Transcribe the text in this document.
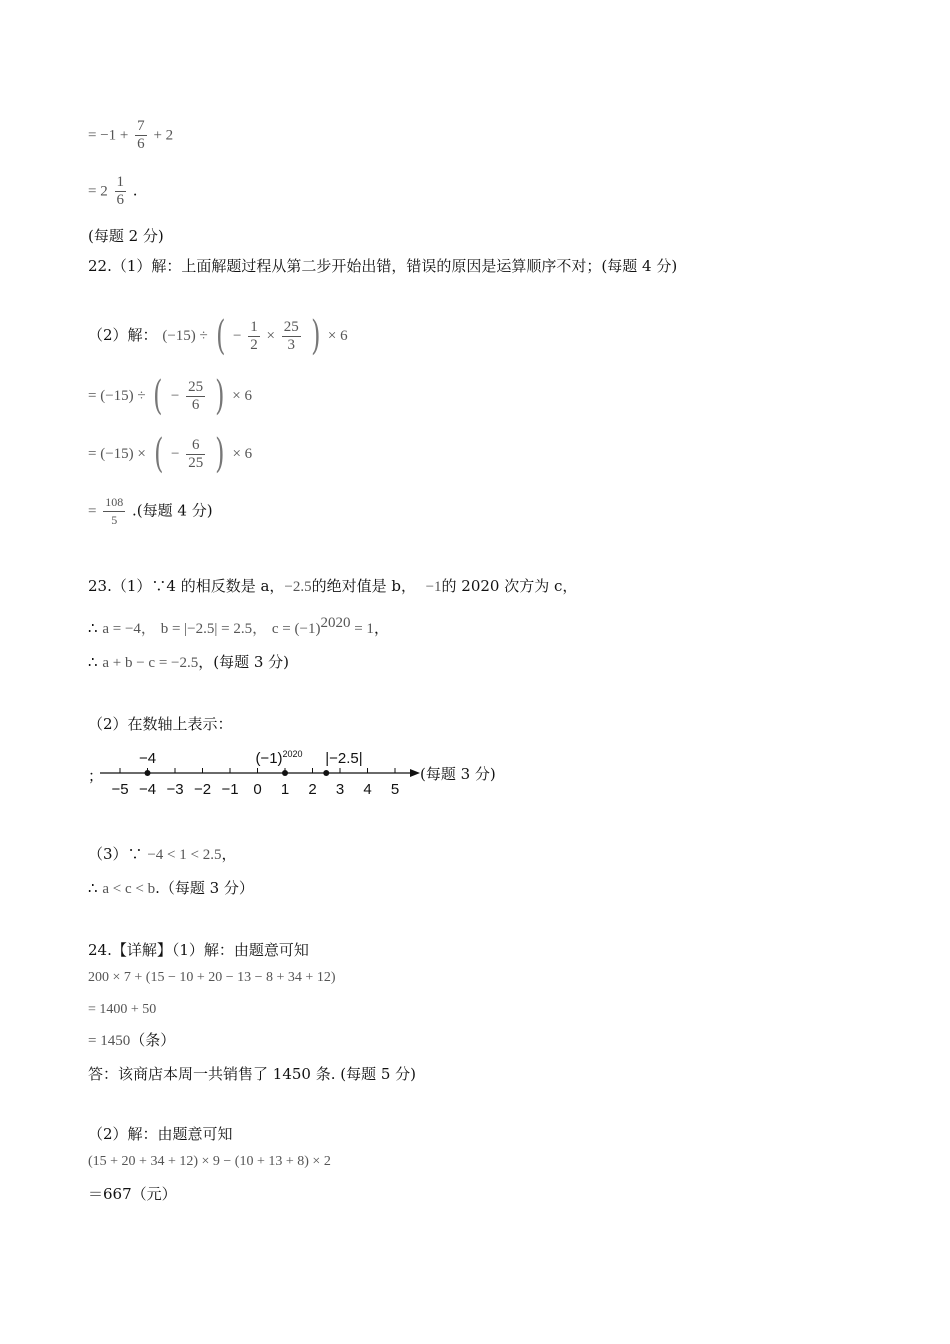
= $-1 + \frac{7}{6} + 2$
= $2 \frac{1}{6}$ .
(每题 2 分)
22.（1）解：上面解题过程从第二步开始出错，错误的原因是运算顺序不对；(每题 4 分)
（2）解： (−15) ÷ ( − $\frac{1}{2} \times \frac{25}{3}$ ) × 6
= (−15) ÷ ( − $\frac{25}{6}$ ) × 6
= (−15) × ( − $\frac{6}{25}$ ) × 6
= $\frac{108}{5}$ .(每题 4 分)
23.（1）∵4 的相反数是 a，−2.5的绝对值是 b， −1的 2020 次方为 c，
∴ a = −4， b = |−2.5| = 2.5， $c = (-1)^{2020} = 1$，
∴ a + b − c = −2.5，(每题 3 分)
（2）在数轴上表示：
；
−5 −4 −3 −2 −1 0 1 2 3 4 5
−4	$(-1)^{2020}$ |−2.5|
(每题 3 分)
（3）∵ −4 < 1 < 2.5，
∴ a < c < b.（每题 3 分）
24.【详解】（1）解：由题意可知
200 × 7 + (15 − 10 + 20 − 13 − 8 + 34 + 12)
= 1400 + 50
= 1450（条）
答：该商店本周一共销售了 1450 条. (每题 5 分)
（2）解：由题意可知
(15 + 20 + 34 + 12) × 9 − (10 + 13 + 8) × 2
＝667（元）
